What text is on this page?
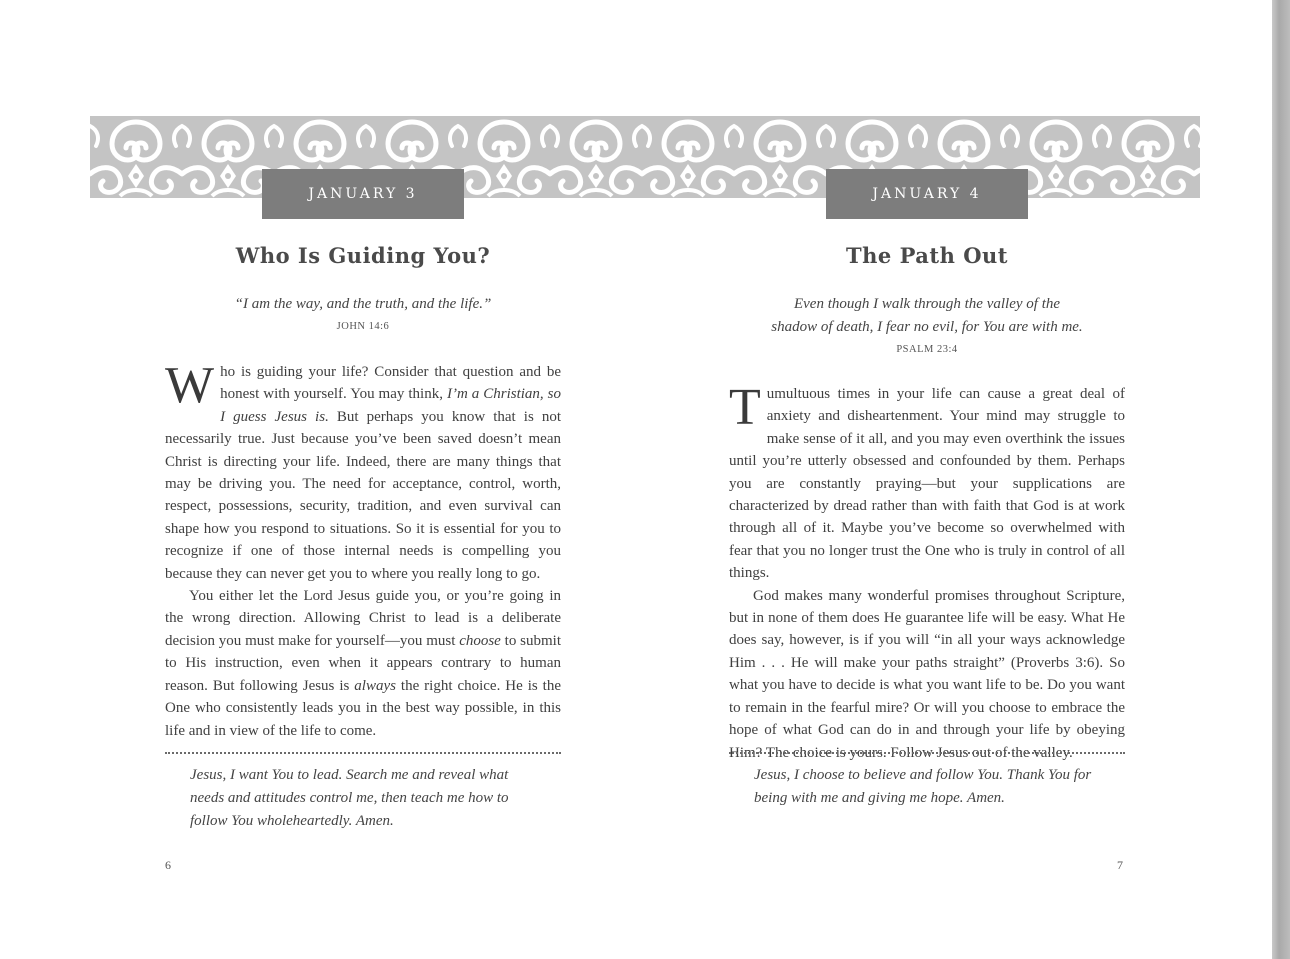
JANUARY 3
Who Is Guiding You?
“I am the way, and the truth, and the life.”
JOHN 14:6

Who is guiding your life? Consider that question and be honest with yourself. You may think, I’m a Christian, so I guess Jesus is. But perhaps you know that is not necessarily true. Just because you’ve been saved doesn’t mean Christ is directing your life. Indeed, there are many things that may be driving you. The need for acceptance, control, worth, respect, possessions, security, tradition, and even survival can shape how you respond to situations. So it is essential for you to recognize if one of those internal needs is compelling you because they can never get you to where you really long to go.

You either let the Lord Jesus guide you, or you’re going in the wrong direction. Allowing Christ to lead is a deliberate decision you must make for yourself—you must choose to submit to His instruction, even when it appears contrary to human reason. But following Jesus is always the right choice. He is the One who consistently leads you in the best way possible, in this life and in view of the life to come.

Jesus, I want You to lead. Search me and reveal what needs and attitudes control me, then teach me how to follow You wholeheartedly. Amen.
6
JANUARY 4
The Path Out
Even though I walk through the valley of the
shadow of death, I fear no evil, for You are with me.
PSALM 23:4

Tumultuous times in your life can cause a great deal of anxiety and disheartenment. Your mind may struggle to make sense of it all, and you may even overthink the issues until you’re utterly obsessed and confounded by them. Perhaps you are constantly praying—but your supplications are characterized by dread rather than with faith that God is at work through all of it. Maybe you’ve become so overwhelmed with fear that you no longer trust the One who is truly in control of all things.

God makes many wonderful promises throughout Scripture, but in none of them does He guarantee life will be easy. What He does say, however, is if you will “in all your ways acknowledge Him . . . He will make your paths straight” (Proverbs 3:6). So what you have to decide is what you want life to be. Do you want to remain in the fearful mire? Or will you choose to embrace the hope of what God can do in and through your life by obeying Him? The choice is yours. Follow Jesus out of the valley.

Jesus, I choose to believe and follow You. Thank You for being with me and giving me hope. Amen.
7
